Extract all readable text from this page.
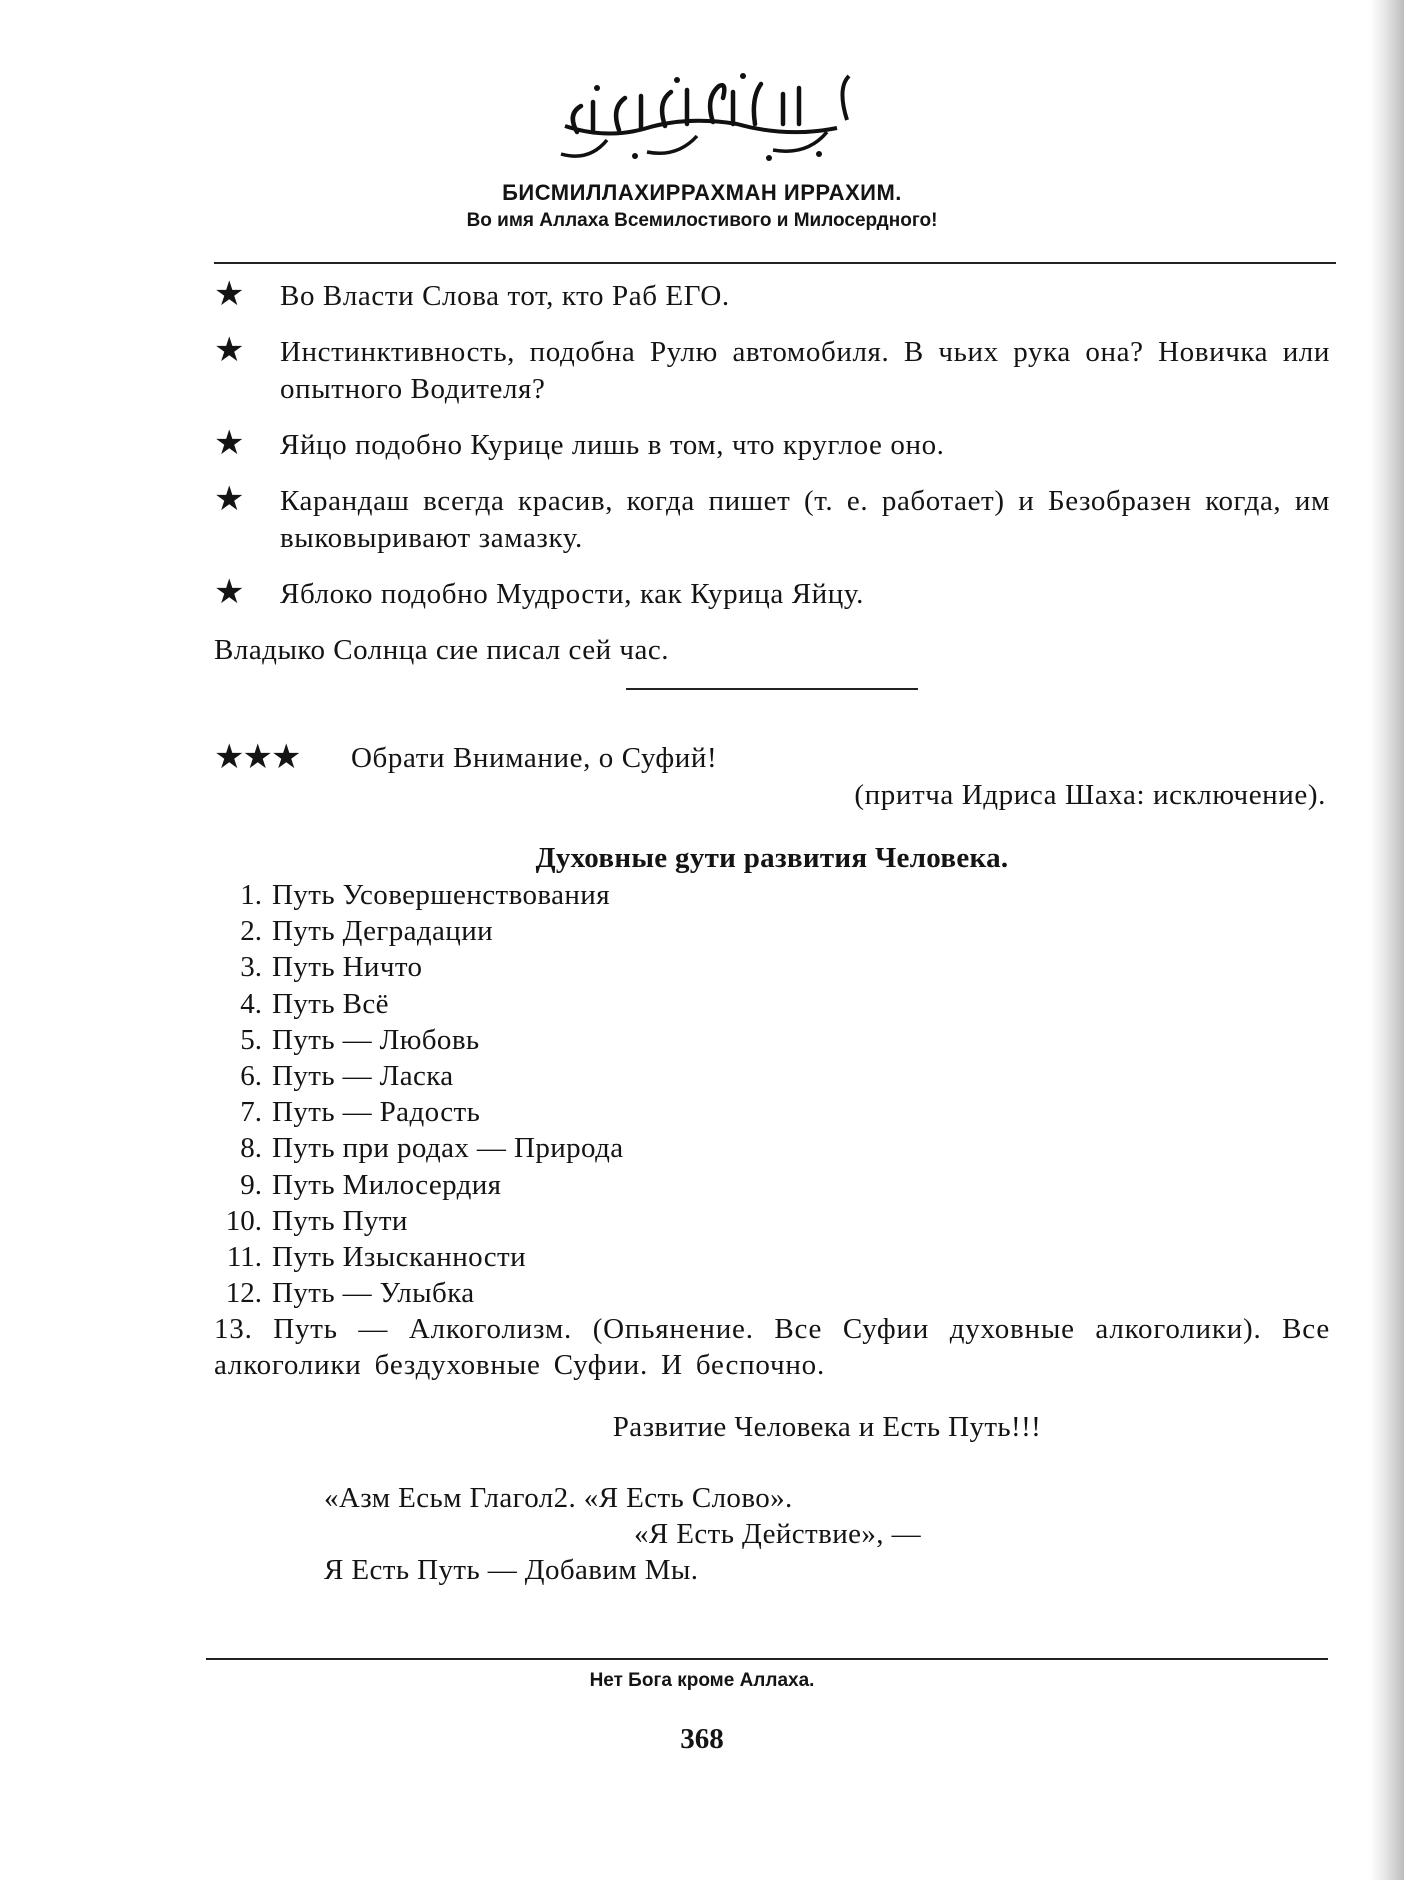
БИСМИЛЛАХИРРАХМАН ИРРАХИМ.
Во имя Аллаха Всемилостивого и Милосердного!
★	Во Власти Слова тот, кто Раб ЕГО.
★	Инстинктивность, подобна Рулю автомобиля. В чьих рука она? Новичка или опытного Водителя?
★	Яйцо подобно Курице лишь в том, что круглое оно.
★	Карандаш всегда красив, когда пишет (т. е. работает) и Безобразен когда, им выковыривают замазку.
★	Яблоко подобно Мудрости, как Курица Яйцу.
Владыко Солнца сие писал сей час.
★★★	Обрати Внимание, о Суфий!
(притча Идриса Шаха: исключение).
Духовные gути развития Человека.
1. Путь Усовершенствования
2. Путь Деградации
3. Путь Ничто
4. Путь Всё
5. Путь — Любовь
6. Путь — Ласка
7. Путь — Радость
8. Путь при родах — Природа
9. Путь Милосердия
10. Путь Пути
11. Путь Изысканности
12. Путь — Улыбка
13. Путь — Алкоголизм. (Опьянение. Все Суфии духовные алкоголики). Все алкоголики бездуховные Суфии. И беспочно.
Развитие Человека и Есть Путь!!!
«Азм Есьм Глагол2. «Я Есть Слово».
«Я Есть Действие», —
Я Есть Путь — Добавим Мы.
Нет Бога кроме Аллаха.
368
